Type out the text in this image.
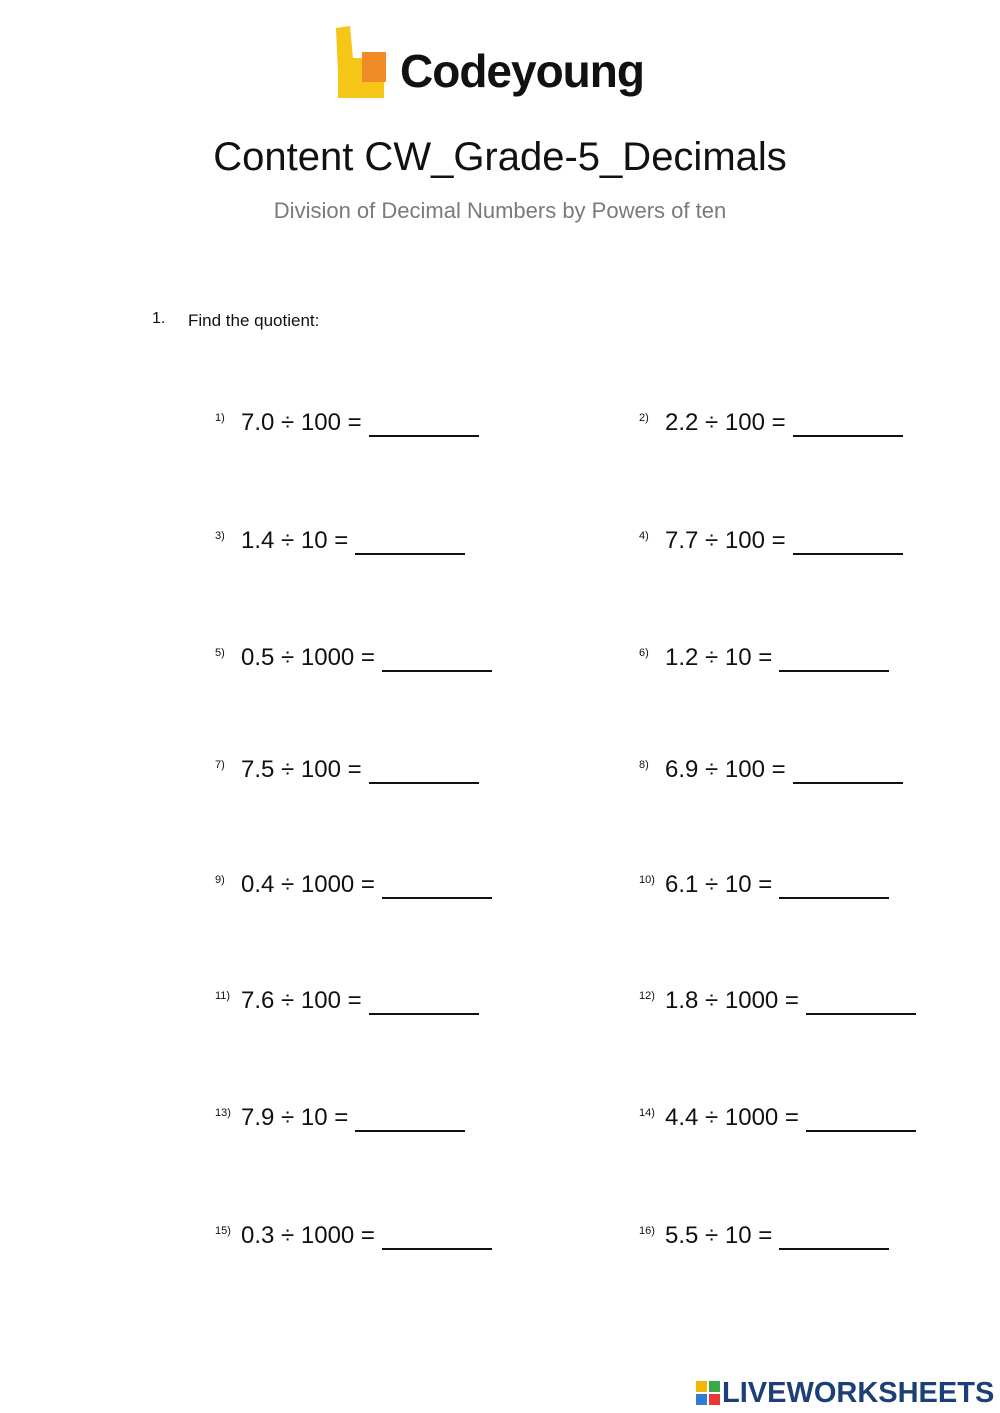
Codeyoung
Content CW_Grade-5_Decimals
Division of Decimal Numbers by Powers of ten
1. Find the quotient:
1) 7.0 ÷ 100 =	2) 2.2 ÷ 100 =
3) 1.4 ÷ 10 =	4) 7.7 ÷ 100 =
5) 0.5 ÷ 1000 =	6) 1.2 ÷ 10 =
7) 7.5 ÷ 100 =	8) 6.9 ÷ 100 =
9) 0.4 ÷ 1000 =	10) 6.1 ÷ 10 =
11) 7.6 ÷ 100 =	12) 1.8 ÷ 1000 =
13) 7.9 ÷ 10 =	14) 4.4 ÷ 1000 =
15) 0.3 ÷ 1000 =	16) 5.5 ÷ 10 =
LIVEWORKSHEETS
